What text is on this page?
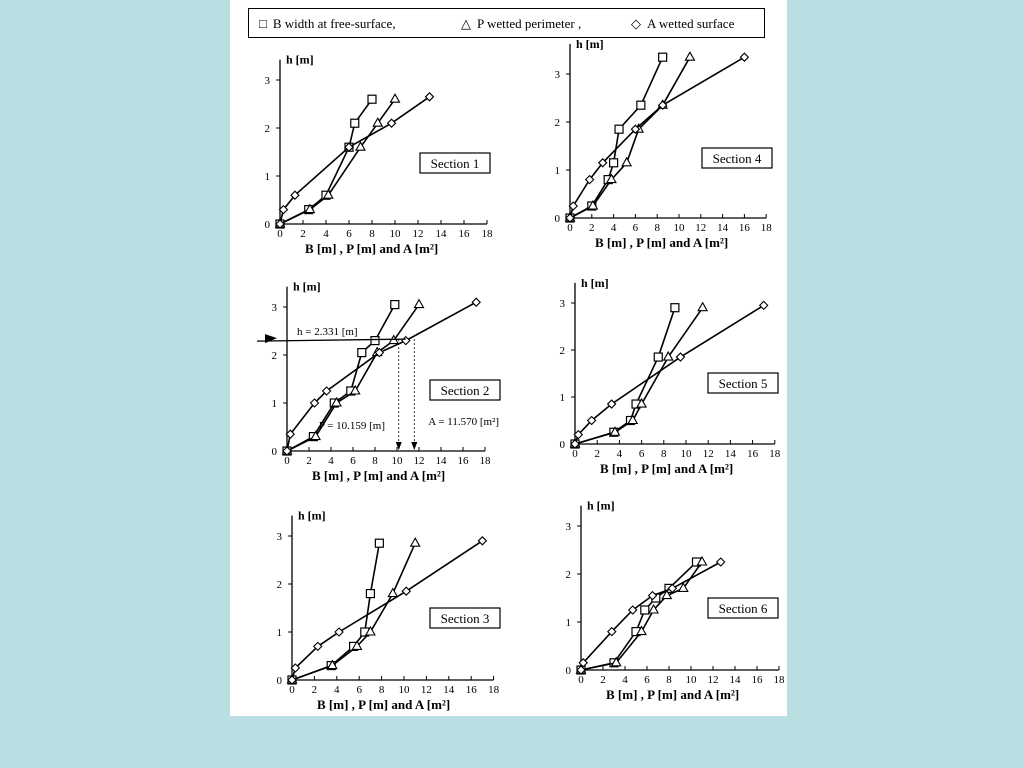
□ B width at free-surface,	△ P wetted perimeter ,	◇ A wetted surface
0 2 4 6 8 10 12 14 16 18
0
1
2
3
h [m]
B [m] , P [m] and A [m²]
Section 1
0 2 4 6 8 10 12 14 16 18
0
1
2
3
h [m]
B [m] , P [m] and A [m²]
Section 4
0 2 4 6 8 10 12 14 16 18
0
1
2
3
h [m]
B [m] , P [m] and A [m²]
Section 2
h = 2.331 [m]
P = 10.159 [m]	A = 11.570 [m²]
0 2 4 6 8 10 12 14 16 18
0
1
2
3
h [m]
B [m] , P [m] and A [m²]
Section 5
0 2 4 6 8 10 12 14 16 18
0
1
2
3
h [m]
B [m] , P [m] and A [m²]
Section 3
0 2 4 6 8 10 12 14 16 18
0
1
2
3
h [m]
B [m] , P [m] and A [m²]
Section 6
